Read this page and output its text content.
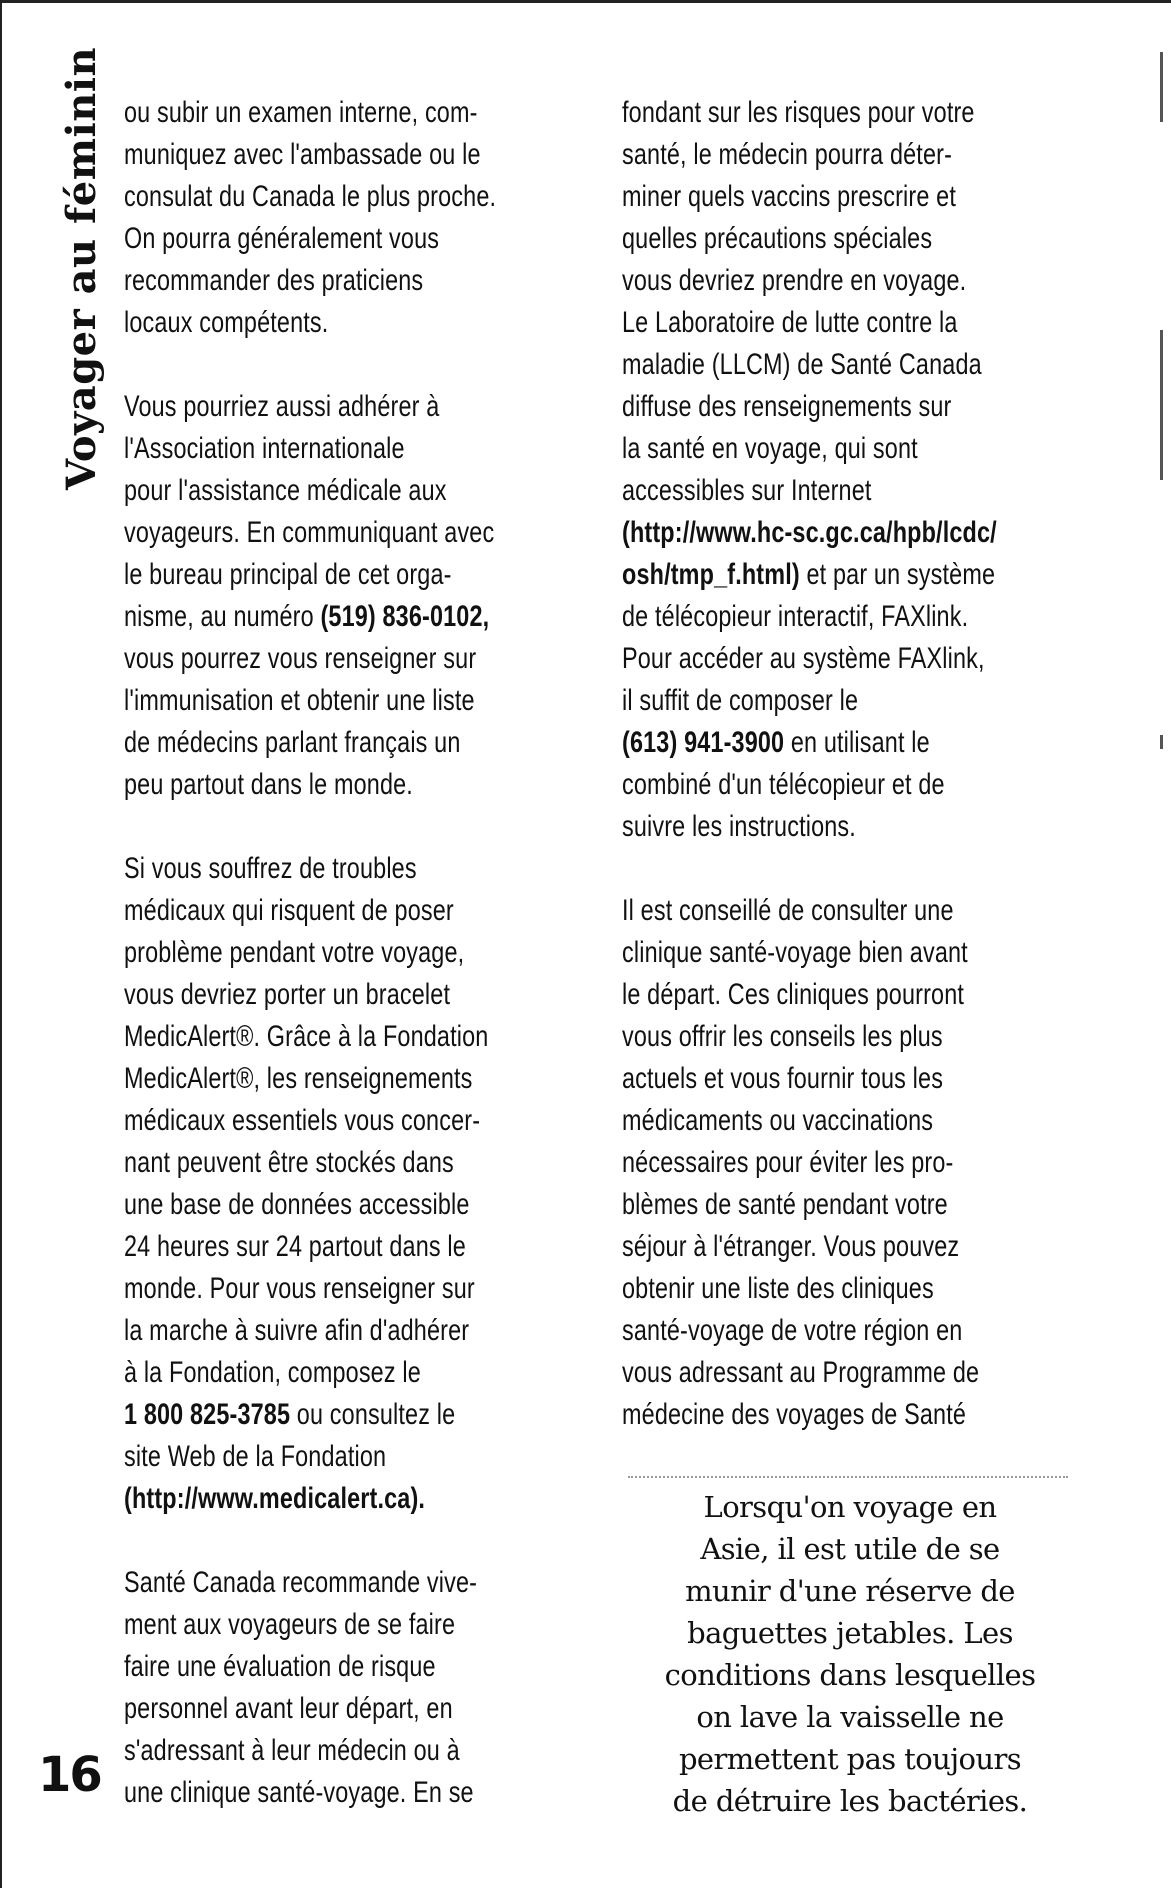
Voyager au féminin
16
ou subir un examen interne, com-
muniquez avec l'ambassade ou le
consulat du Canada le plus proche.
On pourra généralement vous
recommander des praticiens
locaux compétents.
Vous pourriez aussi adhérer à
l'Association internationale
pour l'assistance médicale aux
voyageurs. En communiquant avec
le bureau principal de cet orga-
nisme, au numéro (519) 836-0102,
vous pourrez vous renseigner sur
l'immunisation et obtenir une liste
de médecins parlant français un
peu partout dans le monde.
Si vous souffrez de troubles
médicaux qui risquent de poser
problème pendant votre voyage,
vous devriez porter un bracelet
MedicAlert®. Grâce à la Fondation
MedicAlert®, les renseignements
médicaux essentiels vous concer-
nant peuvent être stockés dans
une base de données accessible
24 heures sur 24 partout dans le
monde. Pour vous renseigner sur
la marche à suivre afin d'adhérer
à la Fondation, composez le
1 800 825-3785 ou consultez le
site Web de la Fondation
(http://www.medicalert.ca).
Santé Canada recommande vive-
ment aux voyageurs de se faire
faire une évaluation de risque
personnel avant leur départ, en
s'adressant à leur médecin ou à
une clinique santé-voyage. En se
fondant sur les risques pour votre
santé, le médecin pourra déter-
miner quels vaccins prescrire et
quelles précautions spéciales
vous devriez prendre en voyage.
Le Laboratoire de lutte contre la
maladie (LLCM) de Santé Canada
diffuse des renseignements sur
la santé en voyage, qui sont
accessibles sur Internet
(http://www.hc-sc.gc.ca/hpb/lcdc/
osh/tmp_f.html) et par un système
de télécopieur interactif, FAXlink.
Pour accéder au système FAXlink,
il suffit de composer le
(613) 941-3900 en utilisant le
combiné d'un télécopieur et de
suivre les instructions.
Il est conseillé de consulter une
clinique santé-voyage bien avant
le départ. Ces cliniques pourront
vous offrir les conseils les plus
actuels et vous fournir tous les
médicaments ou vaccinations
nécessaires pour éviter les pro-
blèmes de santé pendant votre
séjour à l'étranger. Vous pouvez
obtenir une liste des cliniques
santé-voyage de votre région en
vous adressant au Programme de
médecine des voyages de Santé
Lorsqu'on voyage en
Asie, il est utile de se
munir d'une réserve de
baguettes jetables. Les
conditions dans lesquelles
on lave la vaisselle ne
permettent pas toujours
de détruire les bactéries.
